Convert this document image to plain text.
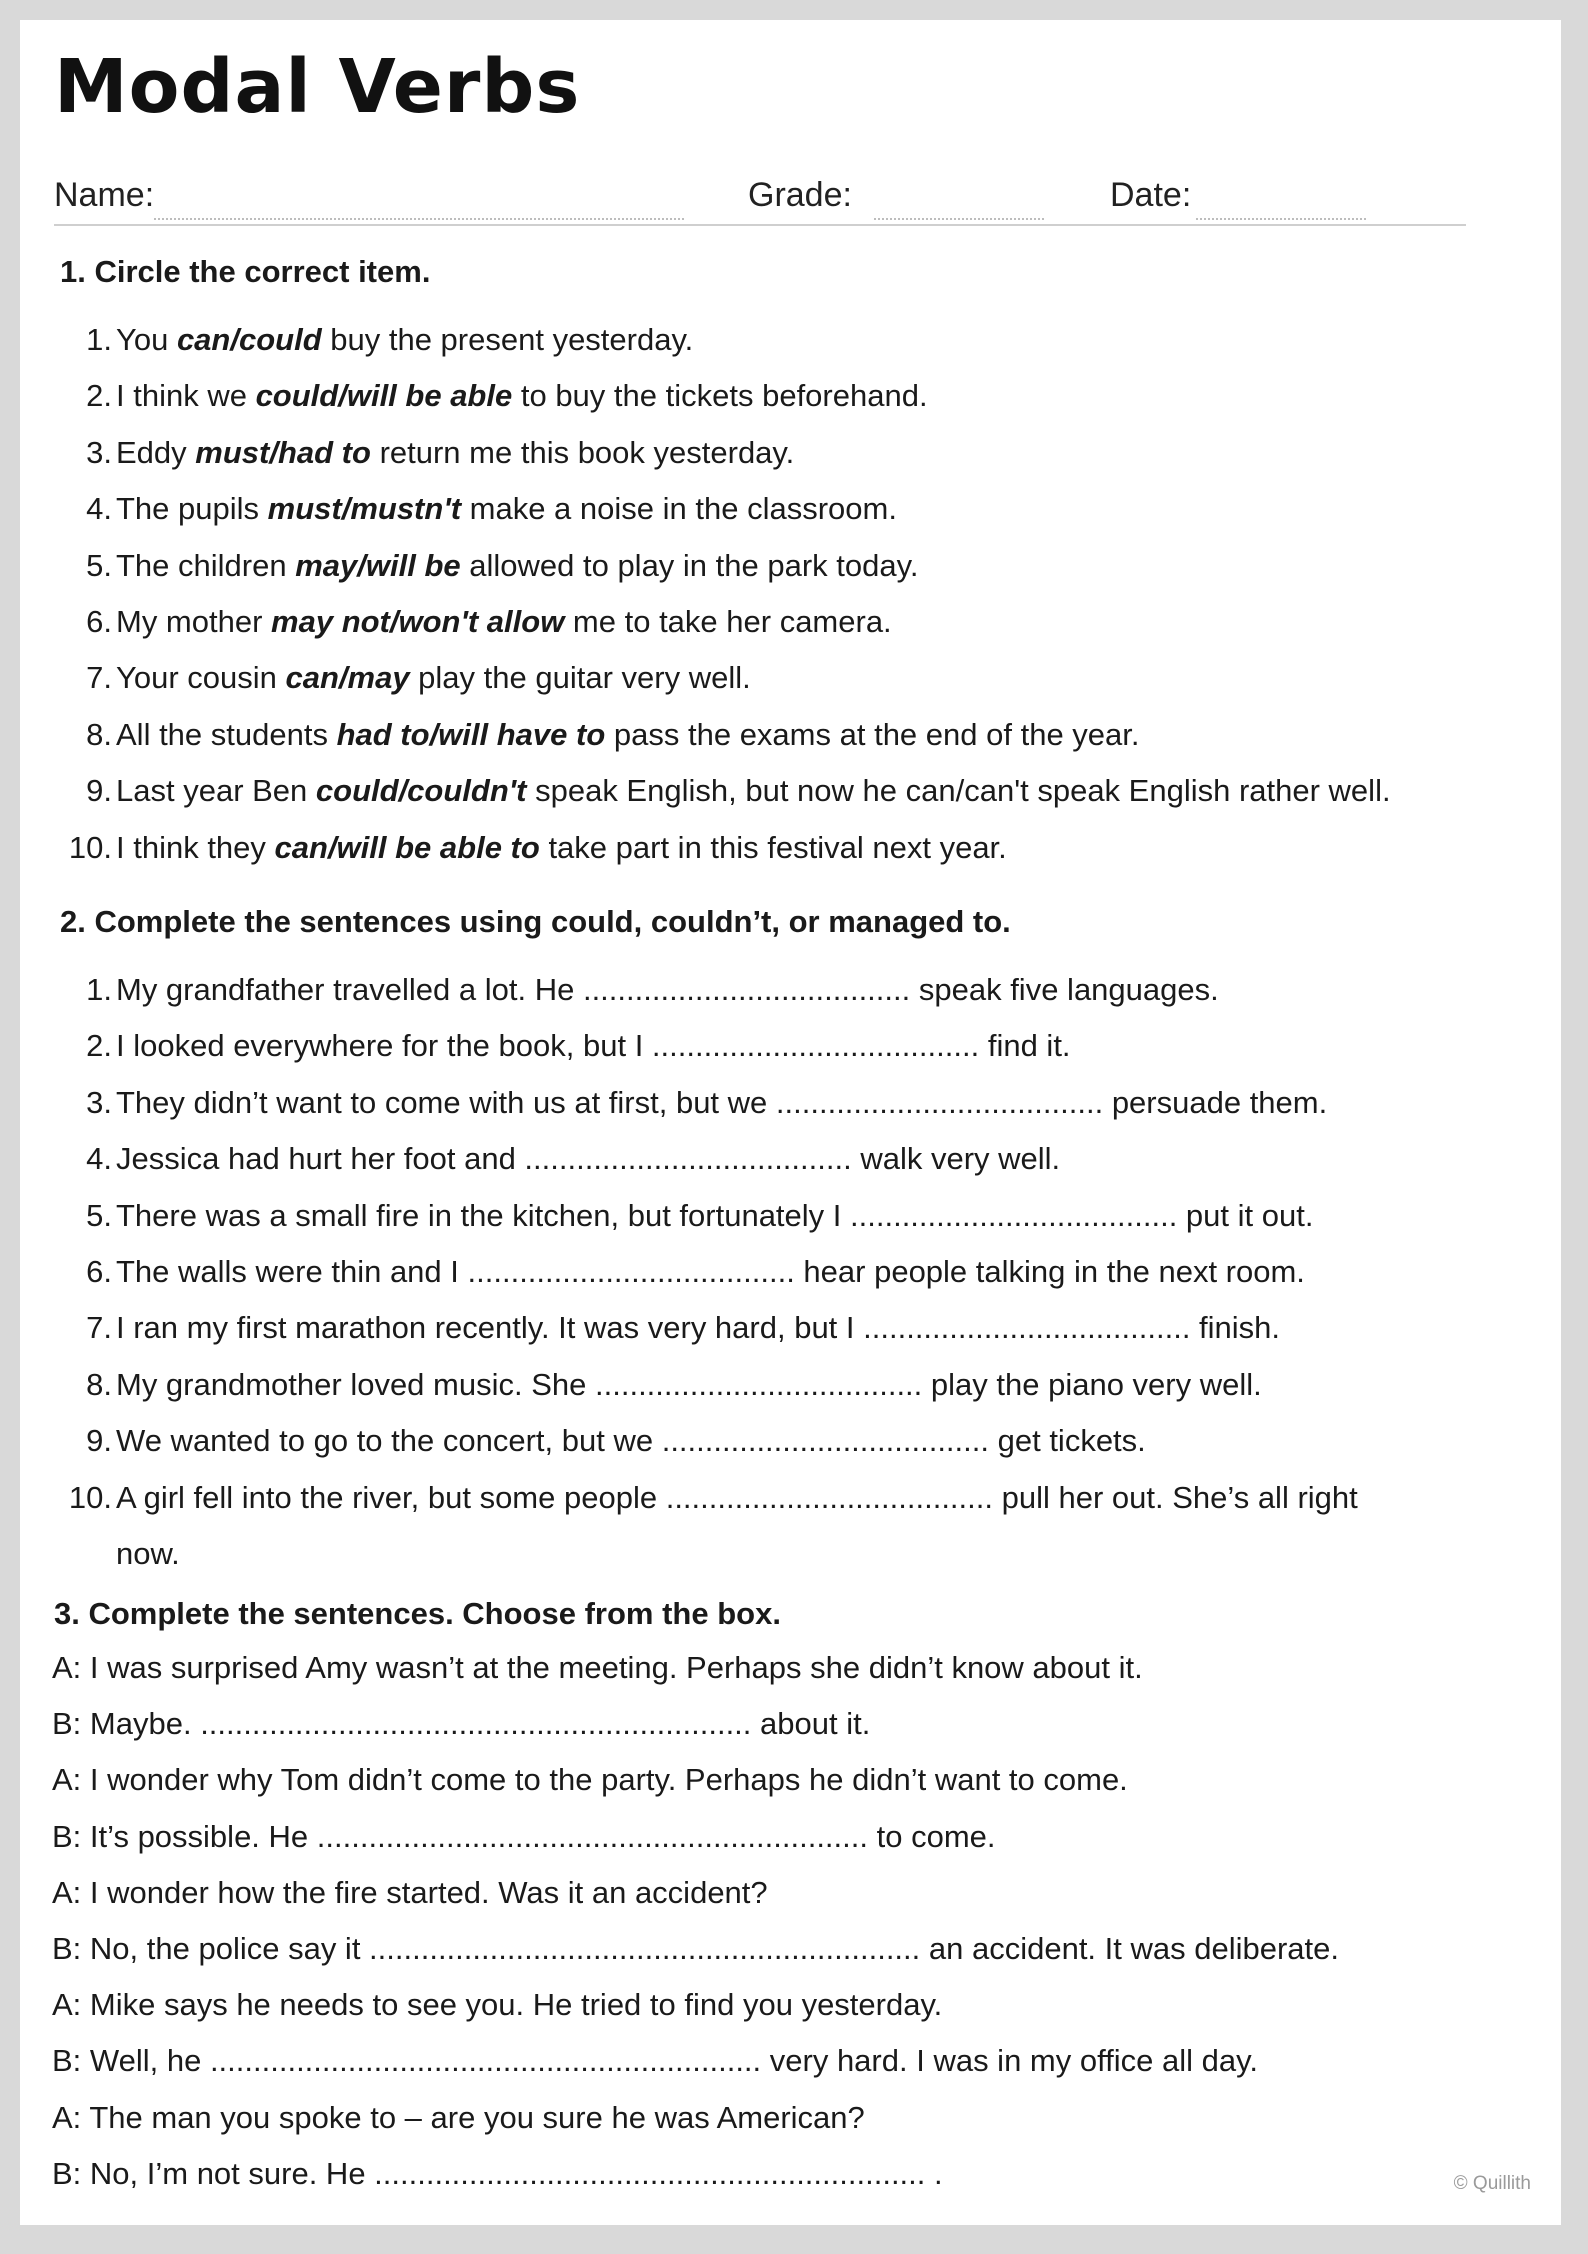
Modal Verbs
Name:	Grade:	Date:
1. Circle the correct item.
1. You can/could buy the present yesterday.
2. I think we could/will be able to buy the tickets beforehand.
3. Eddy must/had to return me this book yesterday.
4. The pupils must/mustn't make a noise in the classroom.
5. The children may/will be allowed to play in the park today.
6. My mother may not/won't allow me to take her camera.
7. Your cousin can/may play the guitar very well.
8. All the students had to/will have to pass the exams at the end of the year.
9. Last year Ben could/couldn't speak English, but now he can/can't speak English rather well.
10. I think they can/will be able to take part in this festival next year.
2. Complete the sentences using could, couldn’t, or managed to.
1. My grandfather travelled a lot. He ...................................... speak five languages.
2. I looked everywhere for the book, but I ...................................... find it.
3. They didn’t want to come with us at first, but we ...................................... persuade them.
4. Jessica had hurt her foot and ...................................... walk very well.
5. There was a small fire in the kitchen, but fortunately I ...................................... put it out.
6. The walls were thin and I ...................................... hear people talking in the next room.
7. I ran my first marathon recently. It was very hard, but I ...................................... finish.
8. My grandmother loved music. She ...................................... play the piano very well.
9. We wanted to go to the concert, but we ...................................... get tickets.
10. A girl fell into the river, but some people ...................................... pull her out. She’s all right
now.
3. Complete the sentences. Choose from the box.
A: I was surprised Amy wasn’t at the meeting. Perhaps she didn’t know about it.
B: Maybe. ................................................................ about it.
A: I wonder why Tom didn’t come to the party. Perhaps he didn’t want to come.
B: It’s possible. He ................................................................ to come.
A: I wonder how the fire started. Was it an accident?
B: No, the police say it ................................................................ an accident. It was deliberate.
A: Mike says he needs to see you. He tried to find you yesterday.
B: Well, he ................................................................ very hard. I was in my office all day.
A: The man you spoke to – are you sure he was American?
B: No, I’m not sure. He ................................................................ .	© Quillith
